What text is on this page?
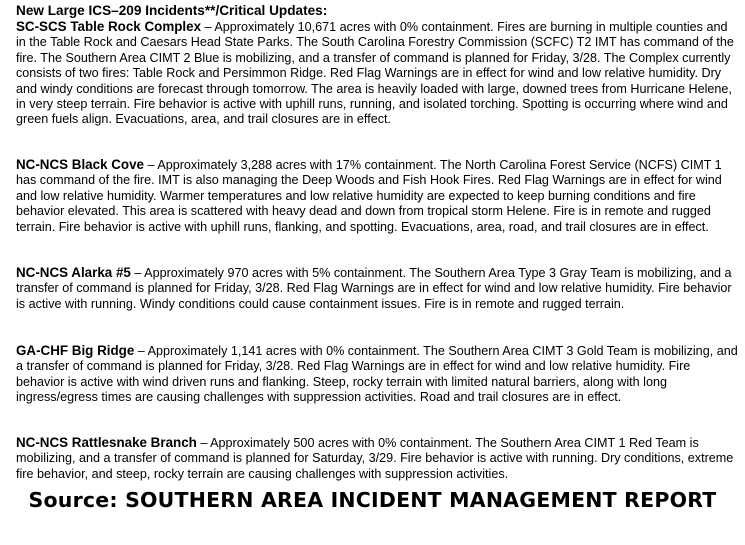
New Large ICS–209 Incidents**/Critical Updates:

SC-SCS Table Rock Complex – Approximately 10,671 acres with 0% containment. Fires are burning in multiple counties and in the Table Rock and Caesars Head State Parks. The South Carolina Forestry Commission (SCFC) T2 IMT has command of the fire. The Southern Area CIMT 2 Blue is mobilizing, and a transfer of command is planned for Friday, 3/28. The Complex currently consists of two fires: Table Rock and Persimmon Ridge. Red Flag Warnings are in effect for wind and low relative humidity. Dry and windy conditions are forecast through tomorrow. The area is heavily loaded with large, downed trees from Hurricane Helene, in very steep terrain. Fire behavior is active with uphill runs, running, and isolated torching. Spotting is occurring where wind and green fuels align. Evacuations, area, and trail closures are in effect.

NC-NCS Black Cove – Approximately 3,288 acres with 17% containment. The North Carolina Forest Service (NCFS) CIMT 1 has command of the fire. IMT is also managing the Deep Woods and Fish Hook Fires. Red Flag Warnings are in effect for wind and low relative humidity. Warmer temperatures and low relative humidity are expected to keep burning conditions and fire behavior elevated. This area is scattered with heavy dead and down from tropical storm Helene. Fire is in remote and rugged terrain. Fire behavior is active with uphill runs, flanking, and spotting. Evacuations, area, road, and trail closures are in effect.

NC-NCS Alarka #5 – Approximately 970 acres with 5% containment. The Southern Area Type 3 Gray Team is mobilizing, and a transfer of command is planned for Friday, 3/28. Red Flag Warnings are in effect for wind and low relative humidity. Fire behavior is active with running. Windy conditions could cause containment issues. Fire is in remote and rugged terrain.

GA-CHF Big Ridge – Approximately 1,141 acres with 0% containment. The Southern Area CIMT 3 Gold Team is mobilizing, and a transfer of command is planned for Friday, 3/28. Red Flag Warnings are in effect for wind and low relative humidity. Fire behavior is active with wind driven runs and flanking. Steep, rocky terrain with limited natural barriers, along with long ingress/egress times are causing challenges with suppression activities. Road and trail closures are in effect.

NC-NCS Rattlesnake Branch – Approximately 500 acres with 0% containment. The Southern Area CIMT 1 Red Team is mobilizing, and a transfer of command is planned for Saturday, 3/29. Fire behavior is active with running. Dry conditions, extreme fire behavior, and steep, rocky terrain are causing challenges with suppression activities.

Source: SOUTHERN AREA INCIDENT MANAGEMENT REPORT
